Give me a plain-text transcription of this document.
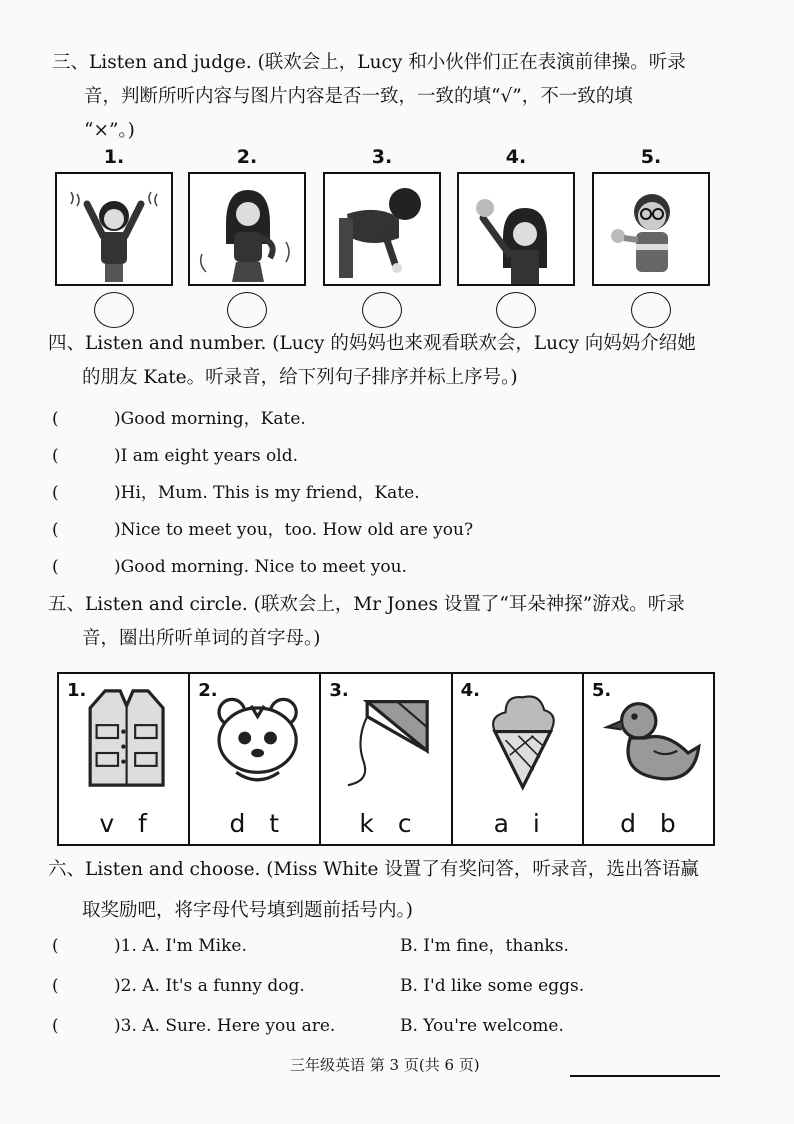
三、Listen and judge. (联欢会上，Lucy 和小伙伴们正在表演前律操。听录

音，判断所听内容与图片内容是否一致，一致的填“√”，不一致的填
“×”。)
1.	2.	3.	4.	5.
四、Listen and number. (Lucy 的妈妈也来观看联欢会，Lucy 向妈妈介绍她

的朋友 Kate。听录音，给下列句子排序并标上序号。)
(	)Good morning，Kate.
(	)I am eight years old.
(	)Hi，Mum. This is my friend，Kate.
(	)Nice to meet you，too. How old are you?
(	)Good morning. Nice to meet you.
五、Listen and circle. (联欢会上，Mr Jones 设置了“耳朵神探”游戏。听录

音，圈出所听单词的首字母。)
1.
v f
2.
d t
3.
k c
4.
a i
5.
d b
六、Listen and choose. (Miss White 设置了有奖问答，听录音，选出答语赢

取奖励吧，将字母代号填到题前括号内。)
(	)1. A. I'm Mike.	B. I'm fine，thanks.
(	)2. A. It's a funny dog.	B. I'd like some eggs.
(	)3. A. Sure. Here you are.	B. You're welcome.
三年级英语 第 3 页(共 6 页)
